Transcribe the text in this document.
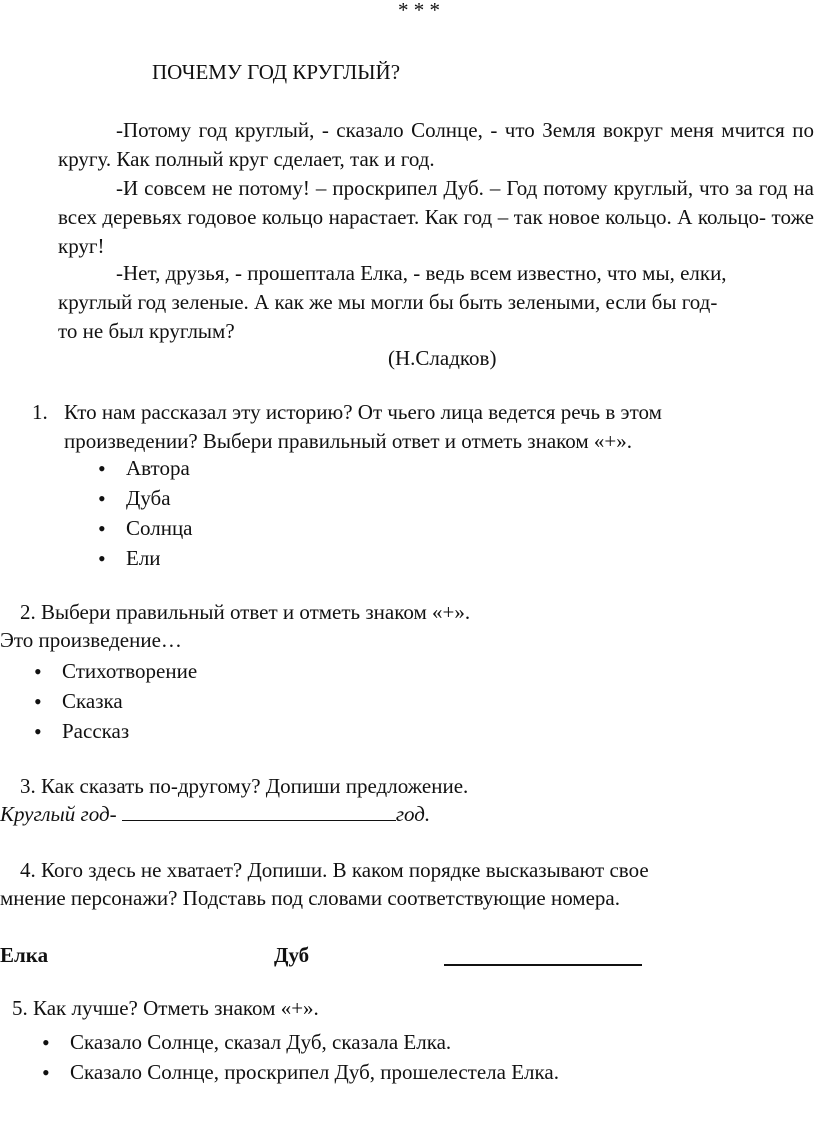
* * *
ПОЧЕМУ ГОД КРУГЛЫЙ?
-Потому год круглый, - сказало Солнце, - что Земля вокруг меня мчится по кругу. Как полный круг сделает, так и год.
-И совсем не потому! – проскрипел Дуб. – Год потому круглый, что за год на всех деревьях годовое кольцо нарастает. Как год – так новое кольцо. А кольцо- тоже круг!
-Нет, друзья, - прошептала Елка, - ведь всем известно, что мы, елки,
круглый год зеленые. А как же мы могли бы быть зелеными, если бы год-
то не был круглым?
(Н.Сладков)
1. Кто нам рассказал эту историю? От чьего лица ведется речь в этом
произведении? Выбери правильный ответ и отметь знаком «+».
• Автора
• Дуба
• Солнца
• Ели
2. Выбери правильный ответ и отметь знаком «+».
Это произведение…
• Стихотворение
• Сказка
• Рассказ
3. Как сказать по-другому? Допиши предложение.
Круглый год-	год.
4. Кого здесь не хватает? Допиши. В каком порядке высказывают свое
мнение персонажи? Подставь под словами соответствующие номера.
Елка	Дуб
5. Как лучше? Отметь знаком «+».
• Сказало Солнце, сказал Дуб, сказала Елка.
• Сказало Солнце, проскрипел Дуб, прошелестела Елка.
